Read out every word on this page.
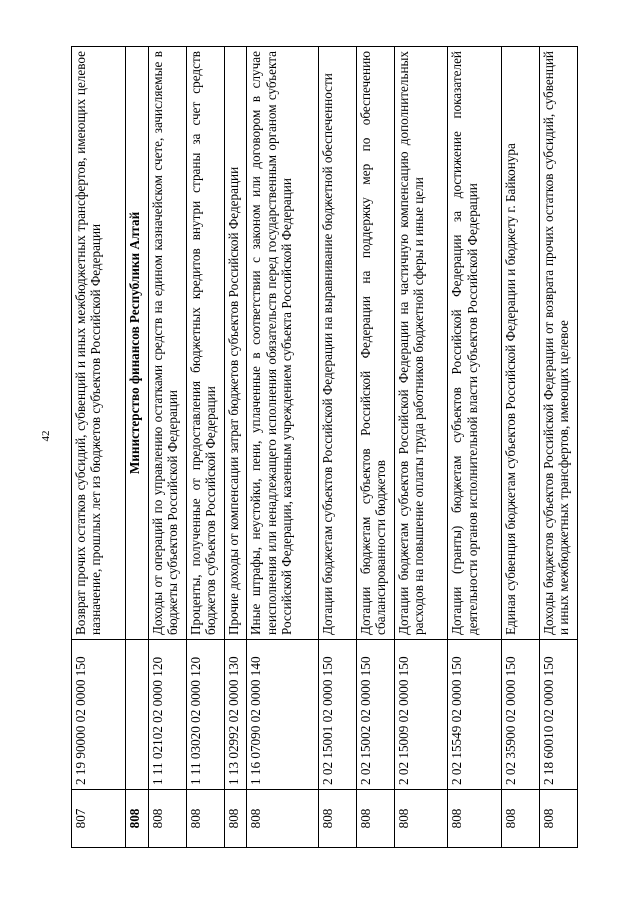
42
807	2 19 90000 02 0000 150	Возврат прочих остатков субсидий, субвенций и иных межбюджетных трансфертов, имеющих целевое назначение, прошлых лет из бюджетов субъектов Российской Федерации
808		Министерство финансов Республики Алтай
808	1 11 02102 02 0000 120	Доходы от операций по управлению остатками средств на едином казначейском счете, зачисляемые в бюджеты субъектов Российской Федерации
808	1 11 03020 02 0000 120	Проценты, полученные от предоставления бюджетных кредитов внутри страны за счет средств бюджетов субъектов Российской Федерации
808	1 13 02992 02 0000 130	Прочие доходы от компенсации затрат бюджетов субъектов Российской Федерации
808	1 16 07090 02 0000 140	Иные штрафы, неустойки, пени, уплаченные в соответствии с законом или договором в случае неисполнения или ненадлежащего исполнения обязательств перед государственным органом субъекта Российской Федерации, казенным учреждением субъекта Российской Федерации
808	2 02 15001 02 0000 150	Дотации бюджетам субъектов Российской Федерации на выравнивание бюджетной обеспеченности
808	2 02 15002 02 0000 150	Дотации бюджетам субъектов Российской Федерации на поддержку мер по обеспечению сбалансированности бюджетов
808	2 02 15009 02 0000 150	Дотации бюджетам субъектов Российской Федерации на частичную компенсацию дополнительных расходов на повышение оплаты труда работников бюджетной сферы и иные цели
808	2 02 15549 02 0000 150	Дотации (гранты) бюджетам субъектов Российской Федерации за достижение показателей деятельности органов исполнительной власти субъектов Российской Федерации
808	2 02 35900 02 0000 150	Единая субвенция бюджетам субъектов Российской Федерации и бюджету г. Байконура
808	2 18 60010 02 0000 150	Доходы бюджетов субъектов Российской Федерации от возврата прочих остатков субсидий, субвенций и иных межбюджетных трансфертов, имеющих целевое
